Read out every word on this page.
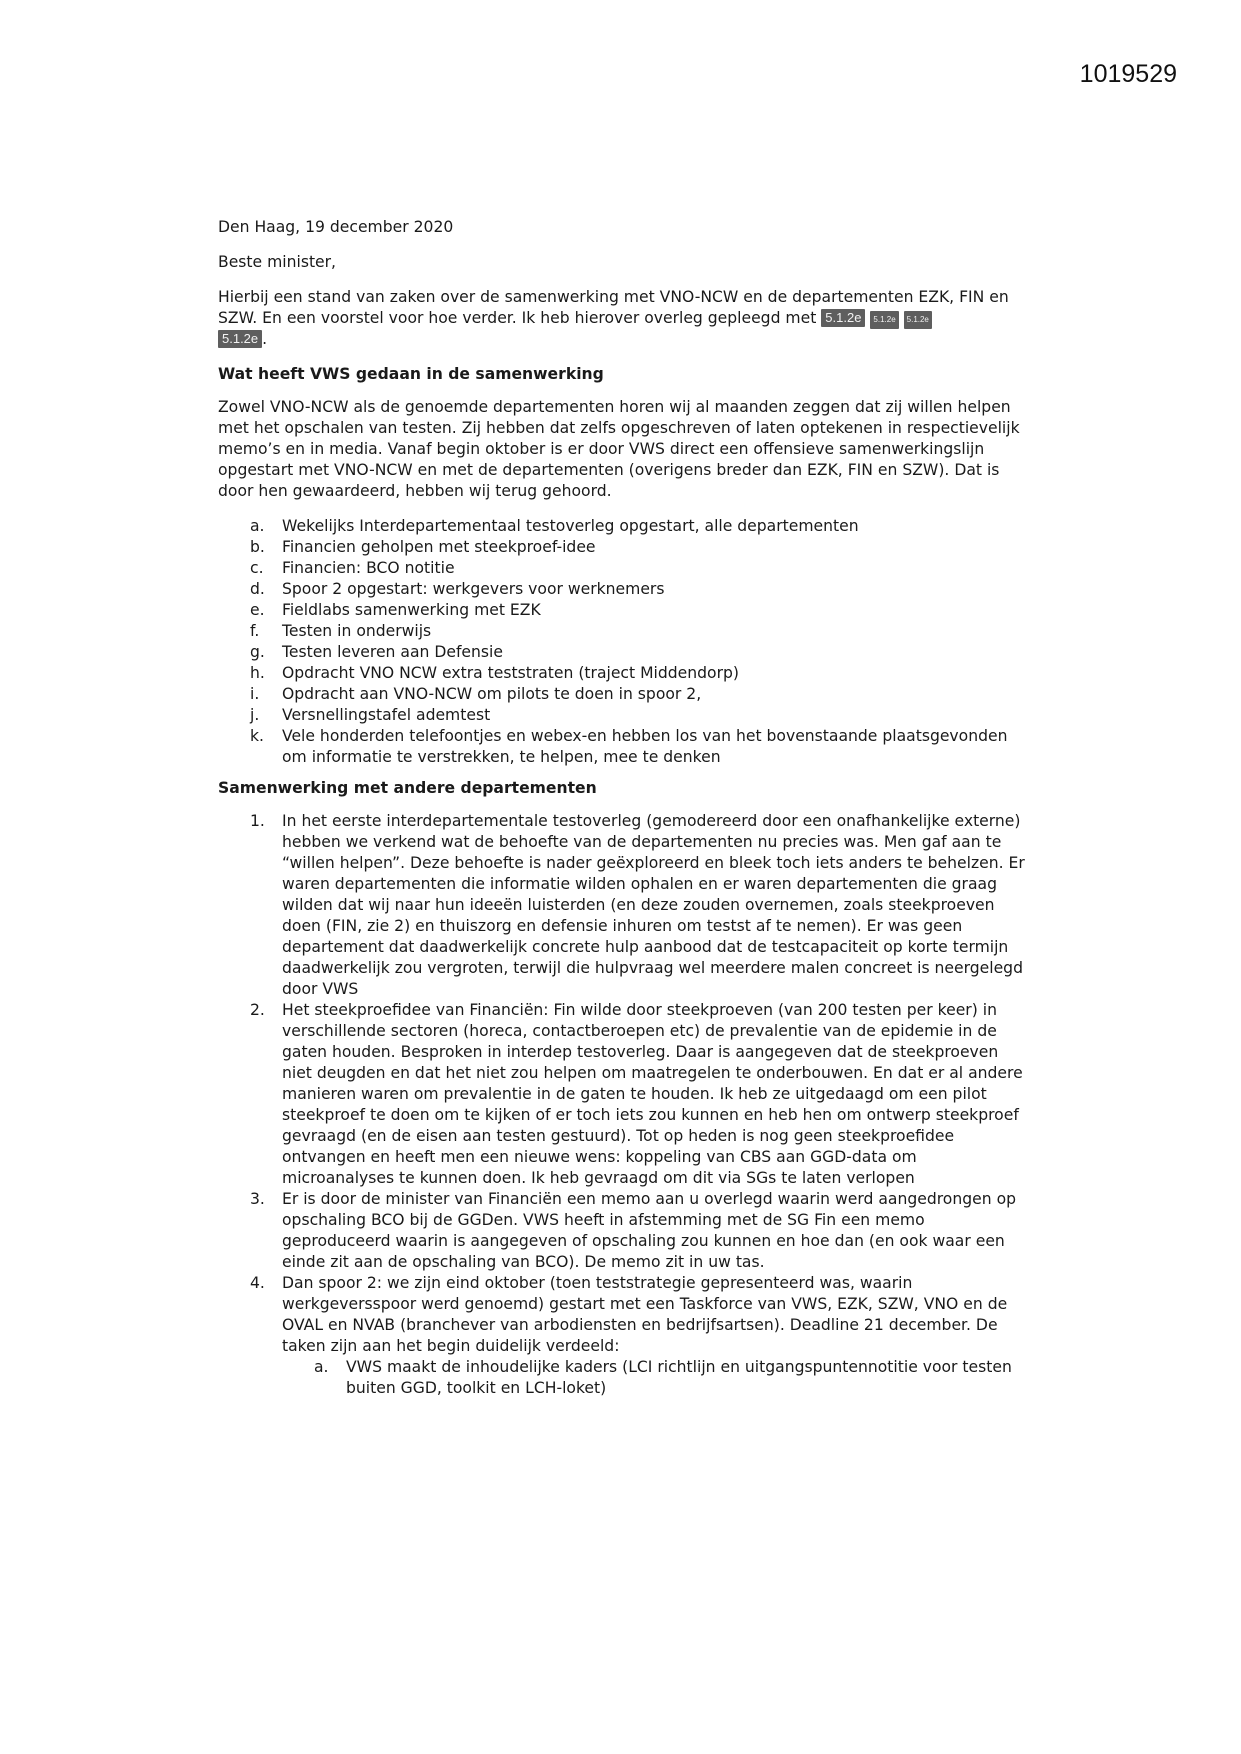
1019529

Den Haag, 19 december 2020

Beste minister,

Hierbij een stand van zaken over de samenwerking met VNO-NCW en de departementen EZK, FIN en SZW. En een voorstel voor hoe verder. Ik heb hierover overleg gepleegd met 5.1.2e 5.1.2e 5.1.2e
5.1.2e .

Wat heeft VWS gedaan in de samenwerking

Zowel VNO-NCW als de genoemde departementen horen wij al maanden zeggen dat zij willen helpen met het opschalen van testen. Zij hebben dat zelfs opgeschreven of laten optekenen in respectievelijk memo’s en in media. Vanaf begin oktober is er door VWS direct een offensieve samenwerkingslijn opgestart met VNO-NCW en met de departementen (overigens breder dan EZK, FIN en SZW). Dat is door hen gewaardeerd, hebben wij terug gehoord.

a. Wekelijks Interdepartementaal testoverleg opgestart, alle departementen
b. Financien geholpen met steekproef-idee
c. Financien: BCO notitie
d. Spoor 2 opgestart: werkgevers voor werknemers
e. Fieldlabs samenwerking met EZK
f. Testen in onderwijs
g. Testen leveren aan Defensie
h. Opdracht VNO NCW extra teststraten (traject Middendorp)
i. Opdracht aan VNO-NCW om pilots te doen in spoor 2,
j. Versnellingstafel ademtest
k. Vele honderden telefoontjes en webex-en hebben los van het bovenstaande plaatsgevonden om informatie te verstrekken, te helpen, mee te denken
Samenwerking met andere departementen
1. In het eerste interdepartementale testoverleg (gemodereerd door een onafhankelijke externe) hebben we verkend wat de behoefte van de departementen nu precies was. Men gaf aan te “willen helpen”. Deze behoefte is nader geëxploreerd en bleek toch iets anders te behelzen. Er waren departementen die informatie wilden ophalen en er waren departementen die graag wilden dat wij naar hun ideeën luisterden (en deze zouden overnemen, zoals steekproeven doen (FIN, zie 2) en thuiszorg en defensie inhuren om testst af te nemen). Er was geen departement dat daadwerkelijk concrete hulp aanbood dat de testcapaciteit op korte termijn daadwerkelijk zou vergroten, terwijl die hulpvraag wel meerdere malen concreet is neergelegd door VWS
2. Het steekproefidee van Financiën: Fin wilde door steekproeven (van 200 testen per keer) in verschillende sectoren (horeca, contactberoepen etc) de prevalentie van de epidemie in de gaten houden. Besproken in interdep testoverleg. Daar is aangegeven dat de steekproeven niet deugden en dat het niet zou helpen om maatregelen te onderbouwen. En dat er al andere manieren waren om prevalentie in de gaten te houden. Ik heb ze uitgedaagd om een pilot steekproef te doen om te kijken of er toch iets zou kunnen en heb hen om ontwerp steekproef gevraagd (en de eisen aan testen gestuurd). Tot op heden is nog geen steekproefidee ontvangen en heeft men een nieuwe wens: koppeling van CBS aan GGD-data om microanalyses te kunnen doen. Ik heb gevraagd om dit via SGs te laten verlopen
3. Er is door de minister van Financiën een memo aan u overlegd waarin werd aangedrongen op opschaling BCO bij de GGDen. VWS heeft in afstemming met de SG Fin een memo geproduceerd waarin is aangegeven of opschaling zou kunnen en hoe dan (en ook waar een einde zit aan de opschaling van BCO). De memo zit in uw tas.
4. Dan spoor 2: we zijn eind oktober (toen teststrategie gepresenteerd was, waarin werkgeversspoor werd genoemd) gestart met een Taskforce van VWS, EZK, SZW, VNO en de OVAL en NVAB (branchever van arbodiensten en bedrijfsartsen). Deadline 21 december. De taken zijn aan het begin duidelijk verdeeld:
a. VWS maakt de inhoudelijke kaders (LCI richtlijn en uitgangspuntennotitie voor testen buiten GGD, toolkit en LCH-loket)
